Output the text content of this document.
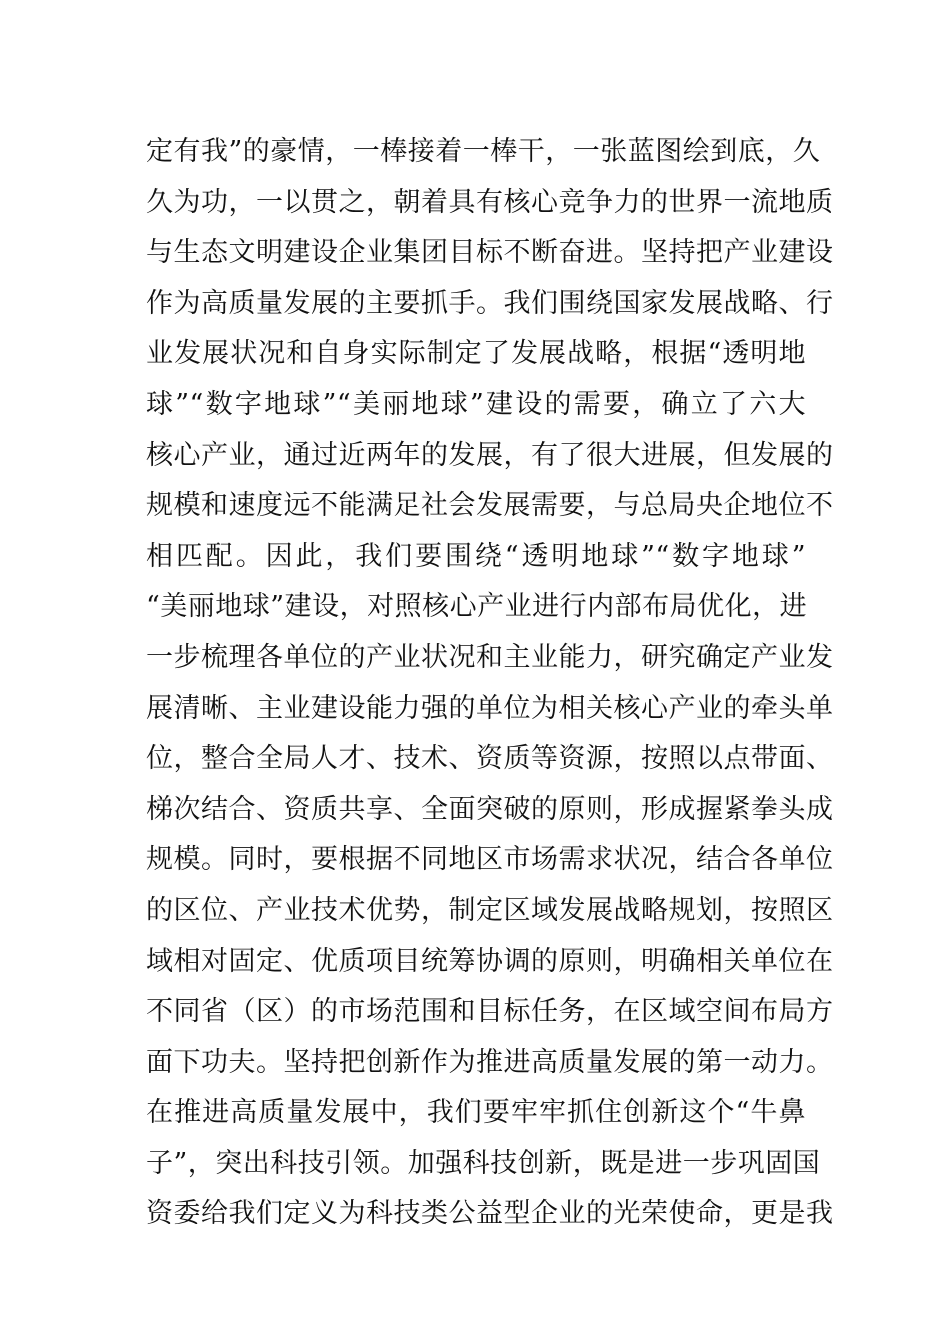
定有我”的豪情，一棒接着一棒干，一张蓝图绘到底，久
久为功，一以贯之，朝着具有核心竞争力的世界一流地质
与生态文明建设企业集团目标不断奋进。坚持把产业建设
作为高质量发展的主要抓手。我们围绕国家发展战略、行
业发展状况和自身实际制定了发展战略，根据“透明地
球”“数字地球”“美丽地球”建设的需要，确立了六大
核心产业，通过近两年的发展，有了很大进展，但发展的
规模和速度远不能满足社会发展需要，与总局央企地位不
相匹配。因此，我们要围绕“透明地球”“数字地球”
“美丽地球”建设，对照核心产业进行内部布局优化，进
一步梳理各单位的产业状况和主业能力，研究确定产业发
展清晰、主业建设能力强的单位为相关核心产业的牵头单
位，整合全局人才、技术、资质等资源，按照以点带面、
梯次结合、资质共享、全面突破的原则，形成握紧拳头成
规模。同时，要根据不同地区市场需求状况，结合各单位
的区位、产业技术优势，制定区域发展战略规划，按照区
域相对固定、优质项目统筹协调的原则，明确相关单位在
不同省（区）的市场范围和目标任务，在区域空间布局方
面下功夫。坚持把创新作为推进高质量发展的第一动力。
在推进高质量发展中，我们要牢牢抓住创新这个“牛鼻
子”，突出科技引领。加强科技创新，既是进一步巩固国
资委给我们定义为科技类公益型企业的光荣使命，更是我
